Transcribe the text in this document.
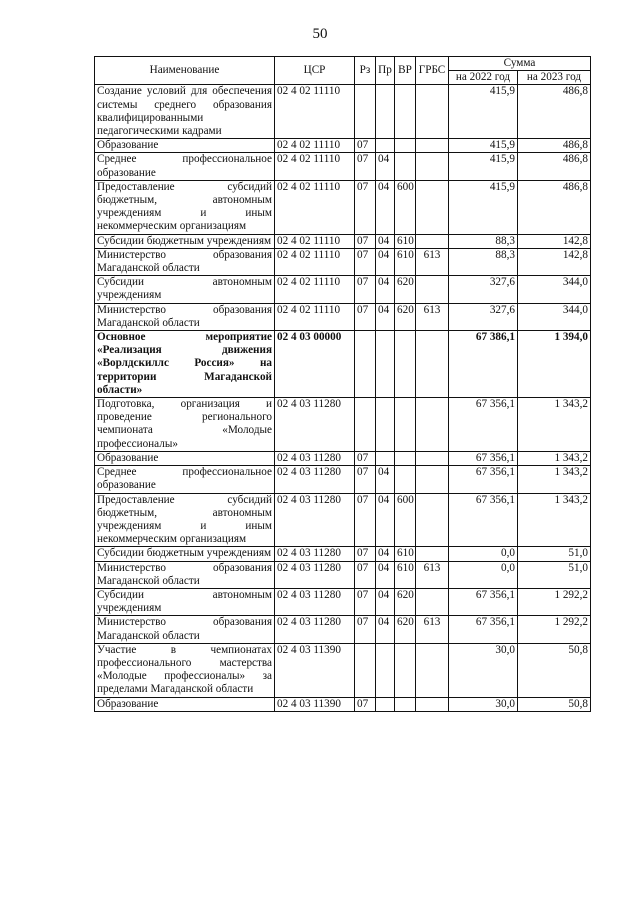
50
Наименование	ЦСР	Рз	Пр	ВР	ГРБС	Сумма	
						на 2022 год	на 2023 год
Создание условий для обеспечения системы среднего образования квалифицированными педагогическими кадрами	02 4 02 11110					415,9	486,8
Образование	02 4 02 11110	07				415,9	486,8
Среднее профессиональное образование	02 4 02 11110	07	04			415,9	486,8
Предоставление субсидий бюджетным, автономным учреждениям и иным некоммерческим организациям	02 4 02 11110	07	04	600		415,9	486,8
Субсидии бюджетным учреждениям	02 4 02 11110	07	04	610		88,3	142,8
Министерство образования Магаданской области	02 4 02 11110	07	04	610	613	88,3	142,8
Субсидии автономным учреждениям	02 4 02 11110	07	04	620		327,6	344,0
Министерство образования Магаданской области	02 4 02 11110	07	04	620	613	327,6	344,0
Основное мероприятие «Реализация движения «Ворлдскиллс Россия» на территории Магаданской области»	02 4 03 00000					67 386,1	1 394,0
Подготовка, организация и проведение регионального чемпионата «Молодые профессионалы»	02 4 03 11280					67 356,1	1 343,2
Образование	02 4 03 11280	07				67 356,1	1 343,2
Среднее профессиональное образование	02 4 03 11280	07	04			67 356,1	1 343,2
Предоставление субсидий бюджетным, автономным учреждениям и иным некоммерческим организациям	02 4 03 11280	07	04	600		67 356,1	1 343,2
Субсидии бюджетным учреждениям	02 4 03 11280	07	04	610		0,0	51,0
Министерство образования Магаданской области	02 4 03 11280	07	04	610	613	0,0	51,0
Субсидии автономным учреждениям	02 4 03 11280	07	04	620		67 356,1	1 292,2
Министерство образования Магаданской области	02 4 03 11280	07	04	620	613	67 356,1	1 292,2
Участие в чемпионатах профессионального мастерства «Молодые профессионалы» за пределами Магаданской области	02 4 03 11390					30,0	50,8
Образование	02 4 03 11390	07				30,0	50,8
